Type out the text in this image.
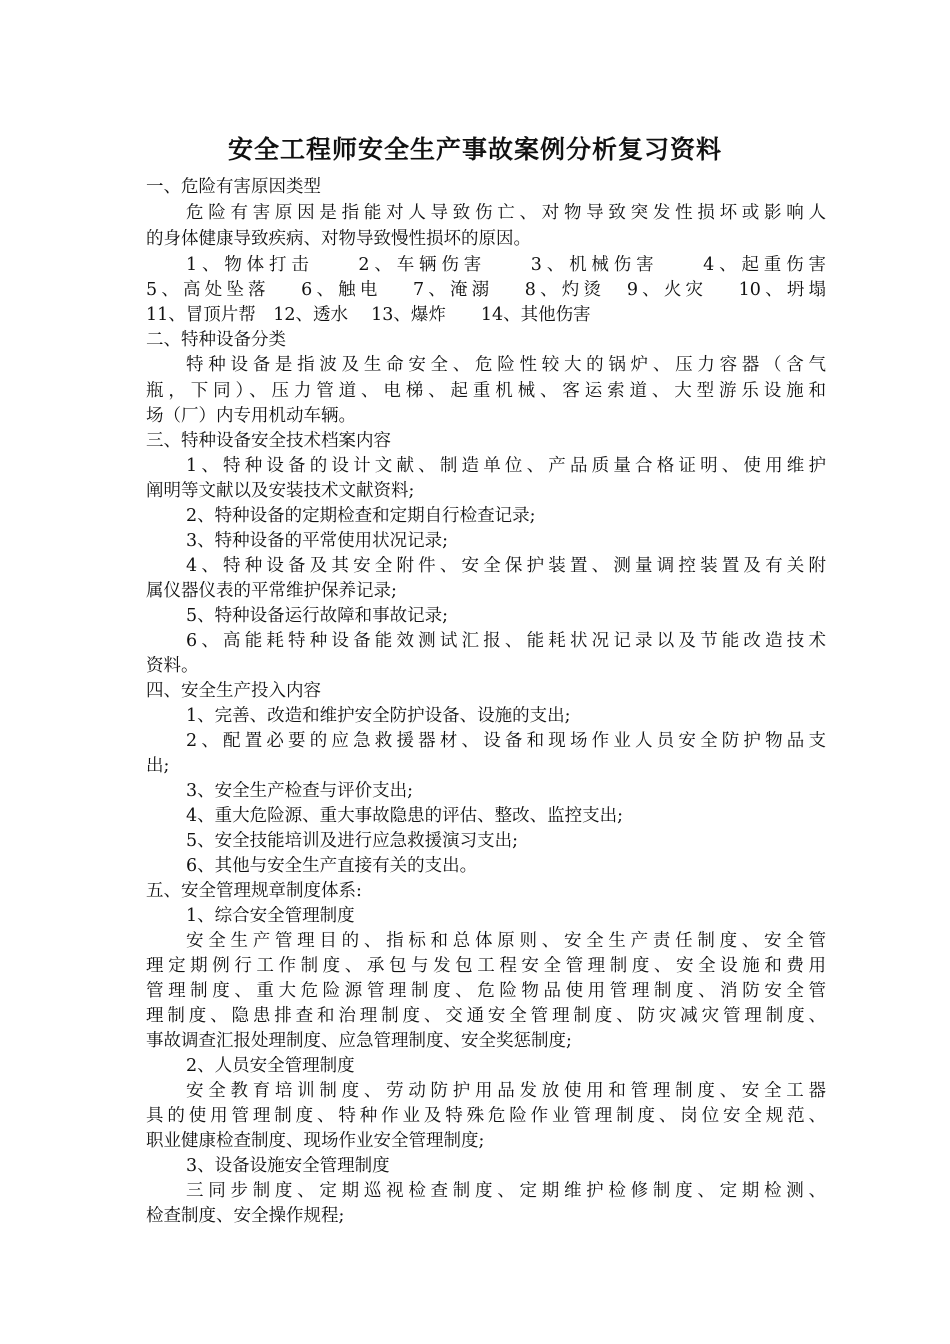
安全工程师安全生产事故案例分析复习资料
一、危险有害原因类型
危险有害原因是指能对人导致伤亡、对物导致突发性损坏或影响人
的身体健康导致疾病、对物导致慢性损坏的原因。
1、物体打击　　2、车辆伤害　　3、机械伤害　　4、起重伤害
5、高处坠落　 6、触电　 7、淹溺　 8、灼烫　9、火灾　 10、坍塌
11、冒顶片帮　12、透水　 13、爆炸　　14、其他伤害
二、特种设备分类
特种设备是指波及生命安全、危险性较大的锅炉、压力容器（含气
瓶，下同）、压力管道、电梯、起重机械、客运索道、大型游乐设施和
场（厂）内专用机动车辆。
三、特种设备安全技术档案内容
1、特种设备的设计文献、制造单位、产品质量合格证明、使用维护
阐明等文献以及安装技术文献资料;
2、特种设备的定期检查和定期自行检查记录;
3、特种设备的平常使用状况记录;
4、特种设备及其安全附件、安全保护装置、测量调控装置及有关附
属仪器仪表的平常维护保养记录;
5、特种设备运行故障和事故记录;
6、高能耗特种设备能效测试汇报、能耗状况记录以及节能改造技术
资料。
四、安全生产投入内容
1、完善、改造和维护安全防护设备、设施的支出;
2、配置必要的应急救援器材、设备和现场作业人员安全防护物品支
出;
3、安全生产检查与评价支出;
4、重大危险源、重大事故隐患的评估、整改、监控支出;
5、安全技能培训及进行应急救援演习支出;
6、其他与安全生产直接有关的支出。
五、安全管理规章制度体系:
1、综合安全管理制度
安全生产管理目的、指标和总体原则、安全生产责任制度、安全管
理定期例行工作制度、承包与发包工程安全管理制度、安全设施和费用
管理制度、重大危险源管理制度、危险物品使用管理制度、消防安全管
理制度、隐患排查和治理制度、交通安全管理制度、防灾减灾管理制度、
事故调查汇报处理制度、应急管理制度、安全奖惩制度;
2、人员安全管理制度
安全教育培训制度、劳动防护用品发放使用和管理制度、安全工器
具的使用管理制度、特种作业及特殊危险作业管理制度、岗位安全规范、
职业健康检查制度、现场作业安全管理制度;
3、设备设施安全管理制度
三同步制度、定期巡视检查制度、定期维护检修制度、定期检测、
检查制度、安全操作规程;
